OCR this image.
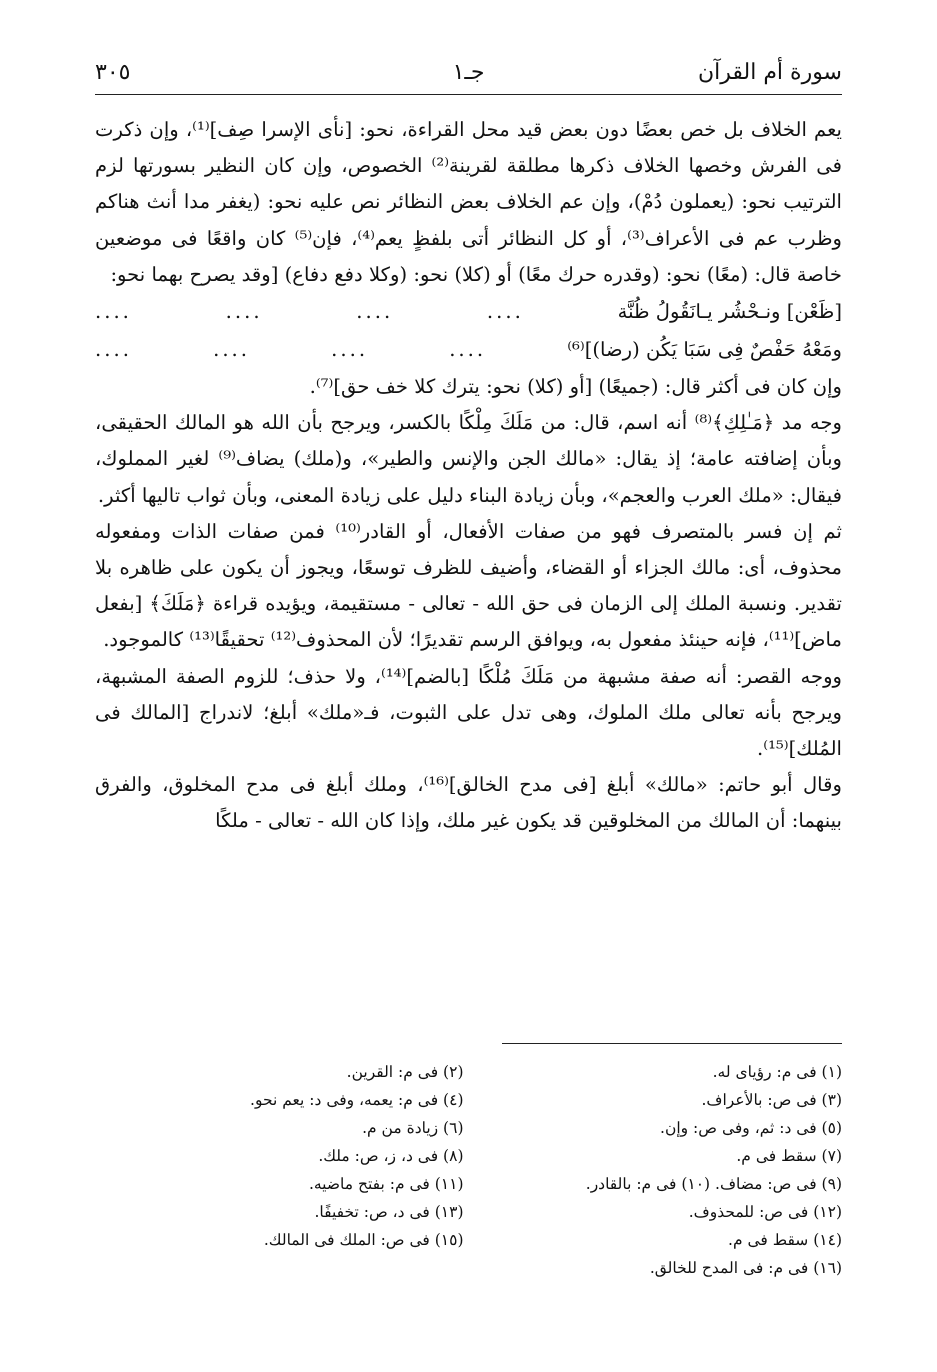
سورة أم القرآن
جـ١
٣٠٥

يعم الخلاف بل خص بعضًا دون بعض قيد محل القراءة، نحو: [نأى الإسرا صِف]⁽¹⁾، وإن ذكرت فى الفرش وخصها الخلاف ذكرها مطلقة لقرينة⁽²⁾ الخصوص، وإن كان النظير بسورتها لزم الترتيب نحو: (يعملون دُمْ)، وإن عم الخلاف بعض النظائر نص عليه نحو: (يغفر مدا أنث هناكم وظرب عم فى الأعراف⁽³⁾، أو كل النظائر أتى بلفظٍ يعم⁽⁴⁾، فإن⁽⁵⁾ كان واقعًا فى موضعين خاصة قال: (معًا) نحو: (وقدره حرك معًا) أو (كلا) نحو: (وكلا دفع دفاع) [وقد يصرح بهما نحو:

[ظَعْن] ونـحْشُر يـانَقُولُ ظُنَّة
....
....
....
....
ومَعْهُ حَفْصٌ فِى سَبَا يَكُن (رضا)]⁽⁶⁾
....
....
....
....

وإن كان فى أكثر قال: (جميعًا) [أو (كلا) نحو: يترك كلا خف حق]⁽⁷⁾.

وجه مد ﴿مَـٰلِكِ﴾⁽⁸⁾ أنه اسم، قال: من مَلَكَ مِلْكًا بالكسر، ويرجح بأن الله هو المالك الحقيقى، وبأن إضافته عامة؛ إذ يقال: «مالك الجن والإنس والطير»، و(ملك) يضاف⁽⁹⁾ لغير المملوك، فيقال: «ملك العرب والعجم»، وبأن زيادة البناء دليل على زيادة المعنى، وبأن ثواب تاليها أكثر.

ثم إن فسر بالمتصرف فهو من صفات الأفعال، أو القادر⁽¹⁰⁾ فمن صفات الذات ومفعوله محذوف، أى: مالك الجزاء أو القضاء، وأضيف للظرف توسعًا، ويجوز أن يكون على ظاهره بلا تقدير. ونسبة الملك إلى الزمان فى حق الله - تعالى - مستقيمة، ويؤيده قراءة ﴿مَلَكَ﴾ [بفعل ماض]⁽¹¹⁾، فإنه حينئذ مفعول به، ويوافق الرسم تقديرًا؛ لأن المحذوف⁽¹²⁾ تحقيقًا⁽¹³⁾ كالموجود.

ووجه القصر: أنه صفة مشبهة من مَلَكَ مُلْكًا [بالضم]⁽¹⁴⁾، ولا حذف؛ للزوم الصفة المشبهة، ويرجح بأنه تعالى ملك الملوك، وهى تدل على الثبوت، فـ«ملك» أبلغ؛ لاندراج [المالك فى المُلك]⁽¹⁵⁾.

وقال أبو حاتم: «مالك» أبلغ [فى مدح الخالق]⁽¹⁶⁾، وملك أبلغ فى مدح المخلوق، والفرق بينهما: أن المالك من المخلوقين قد يكون غير ملك، وإذا كان الله - تعالى - ملكًا

(١) فى م: رؤياى له.
(٢) فى م: القرين.
(٣) فى ص: بالأعراف.
(٤) فى م: يعمه، وفى د: يعم نحو.
(٥) فى د: ثم، وفى ص: وإن.
(٦) زيادة من م.
(٧) سقط فى م.
(٨) فى د، ز، ص: ملك.
(٩) فى ص: مضاف. (١٠) فى م: بالقادر.
(١١) فى م: بفتح ماضيه.
(١٢) فى ص: للمحذوف.
(١٣) فى د، ص: تخفيفًا.
(١٤) سقط فى م.
(١٥) فى ص: الملك فى المالك.
(١٦) فى م: فى المدح للخالق.
